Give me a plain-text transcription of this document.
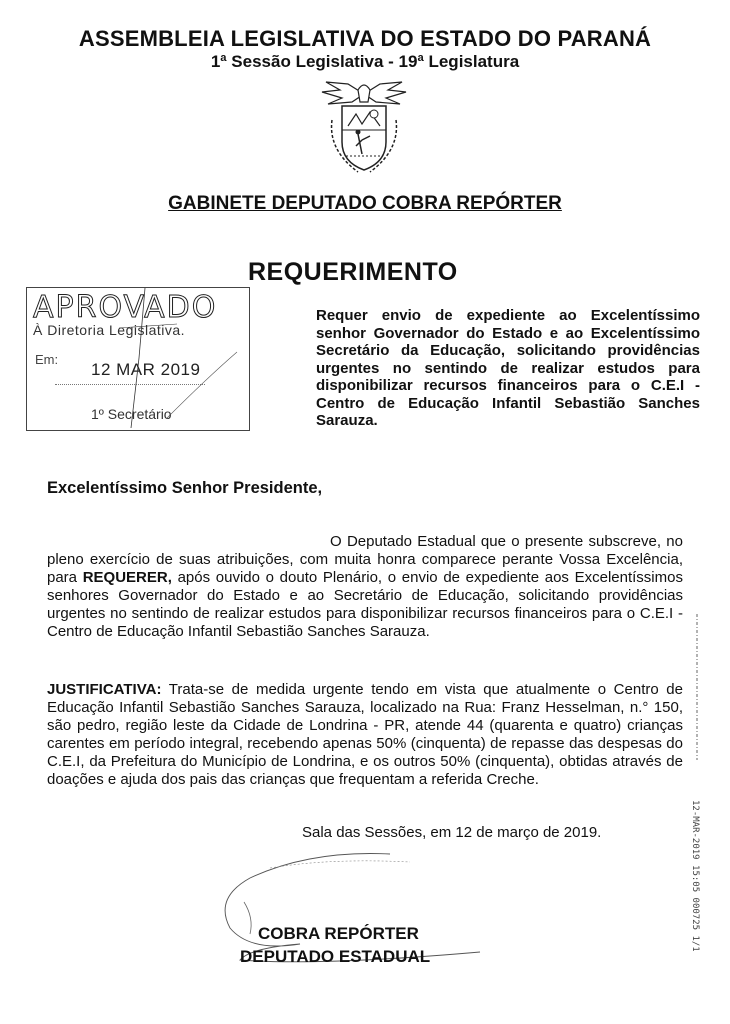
ASSEMBLEIA LEGISLATIVA DO ESTADO DO PARANÁ
1ª Sessão Legislativa - 19ª Legislatura
GABINETE DEPUTADO COBRA REPÓRTER
REQUERIMENTO
APROVADO
À Diretoria Legislativa.
Em:
12 MAR 2019
1º Secretário
Requer envio de expediente ao Excelentíssimo senhor Governador do Estado e ao Excelentíssimo Secretário da Educação, solicitando providências urgentes no sentindo de realizar estudos para disponibilizar recursos financeiros para o C.E.I - Centro de Educação Infantil Sebastião Sanches Sarauza.
Excelentíssimo Senhor Presidente,
O Deputado Estadual que o presente subscreve, no pleno exercício de suas atribuições, com muita honra comparece perante Vossa Excelência, para REQUERER, após ouvido o douto Plenário, o envio de expediente aos Excelentíssimos senhores Governador do Estado e ao Secretário de Educação, solicitando providências urgentes no sentindo de realizar estudos para disponibilizar recursos financeiros para o C.E.I - Centro de Educação Infantil Sebastião Sanches Sarauza.
JUSTIFICATIVA: Trata-se de medida urgente tendo em vista que atualmente o Centro de Educação Infantil Sebastião Sanches Sarauza, localizado na Rua: Franz Hesselman, n.° 150, são pedro, região leste da Cidade de Londrina - PR, atende 44 (quarenta e quatro) crianças carentes em período integral, recebendo apenas 50% (cinquenta) de repasse das despesas do C.E.I, da Prefeitura do Município de Londrina, e os outros 50% (cinquenta), obtidas através de doações e ajuda dos pais das crianças que frequentam a referida Creche.
Sala das Sessões, em 12 de março de 2019.
COBRA REPÓRTER
DEPUTADO ESTADUAL
12-MAR-2019 15:05 000725 1/1
